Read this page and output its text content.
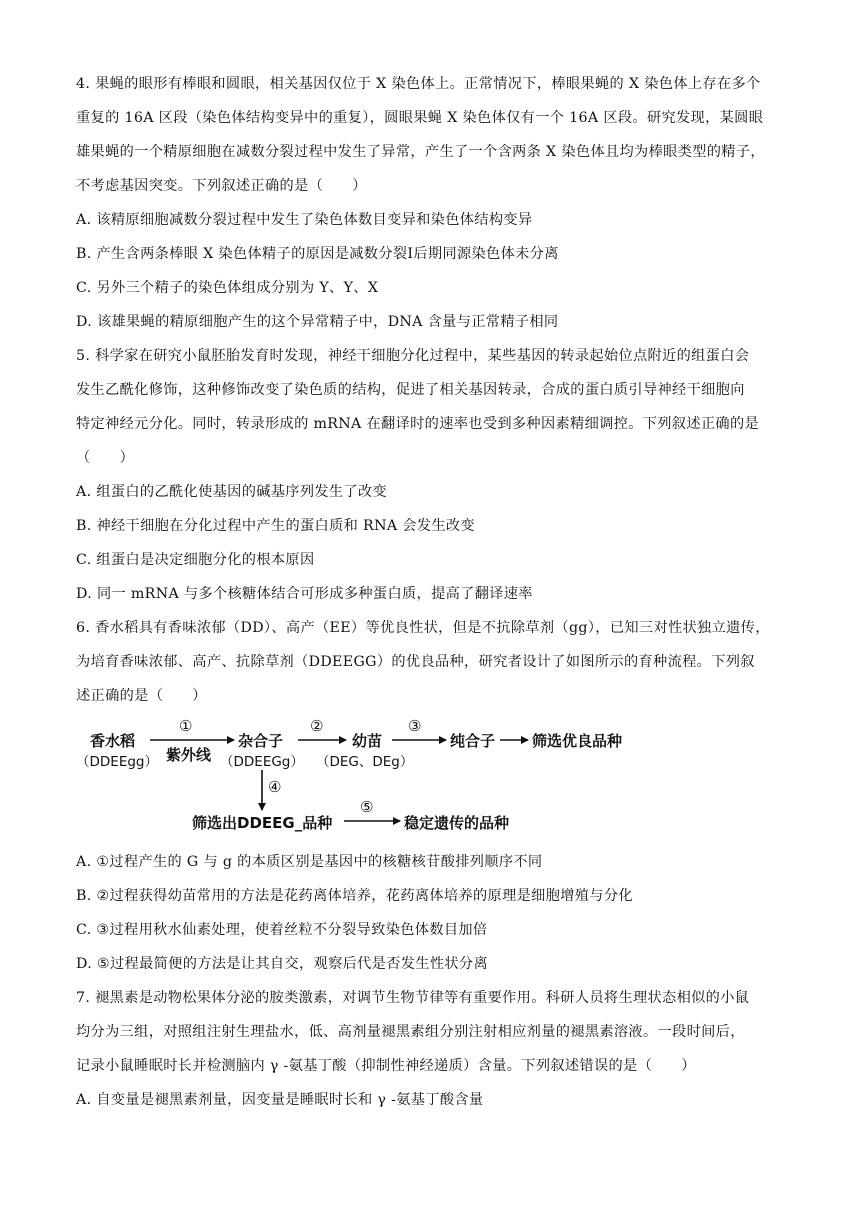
4. 果蝇的眼形有棒眼和圆眼，相关基因仅位于 X 染色体上。正常情况下，棒眼果蝇的 X 染色体上存在多个
重复的 16A 区段（染色体结构变异中的重复），圆眼果蝇 X 染色体仅有一个 16A 区段。研究发现，某圆眼
雄果蝇的一个精原细胞在减数分裂过程中发生了异常，产生了一个含两条 X 染色体且均为棒眼类型的精子，
不考虑基因突变。下列叙述正确的是（　　）
A. 该精原细胞减数分裂过程中发生了染色体数目变异和染色体结构变异
B. 产生含两条棒眼 X 染色体精子的原因是减数分裂Ⅰ后期同源染色体未分离
C. 另外三个精子的染色体组成分别为 Y、Y、X
D. 该雄果蝇的精原细胞产生的这个异常精子中，DNA 含量与正常精子相同
5. 科学家在研究小鼠胚胎发育时发现，神经干细胞分化过程中，某些基因的转录起始位点附近的组蛋白会
发生乙酰化修饰，这种修饰改变了染色质的结构，促进了相关基因转录，合成的蛋白质引导神经干细胞向
特定神经元分化。同时，转录形成的 mRNA 在翻译时的速率也受到多种因素精细调控。下列叙述正确的是
（　　）
A. 组蛋白的乙酰化使基因的碱基序列发生了改变
B. 神经干细胞在分化过程中产生的蛋白质和 RNA 会发生改变
C. 组蛋白是决定细胞分化的根本原因
D. 同一 mRNA 与多个核糖体结合可形成多种蛋白质，提高了翻译速率
6. 香水稻具有香味浓郁（DD）、高产（EE）等优良性状，但是不抗除草剂（gg），已知三对性状独立遗传，
为培育香味浓郁、高产、抗除草剂（DDEEGG）的优良品种，研究者设计了如图所示的育种流程。下列叙
述正确的是（　　）
香水稻
（DDEEgg）
①
紫外线
杂合子
（DDEEGg）
②
幼苗
（DEG、DEg）
③
纯合子 筛选优良品种
④
筛选出DDEEG_品种
⑤
稳定遗传的品种
A. ①过程产生的 G 与 g 的本质区别是基因中的核糖核苷酸排列顺序不同
B. ②过程获得幼苗常用的方法是花药离体培养，花药离体培养的原理是细胞增殖与分化
C. ③过程用秋水仙素处理，使着丝粒不分裂导致染色体数目加倍
D. ⑤过程最简便的方法是让其自交，观察后代是否发生性状分离
7. 褪黑素是动物松果体分泌的胺类激素，对调节生物节律等有重要作用。科研人员将生理状态相似的小鼠
均分为三组，对照组注射生理盐水，低、高剂量褪黑素组分别注射相应剂量的褪黑素溶液。一段时间后，
记录小鼠睡眠时长并检测脑内 γ -氨基丁酸（抑制性神经递质）含量。下列叙述错误的是（　　）
A. 自变量是褪黑素剂量，因变量是睡眠时长和 γ -氨基丁酸含量
